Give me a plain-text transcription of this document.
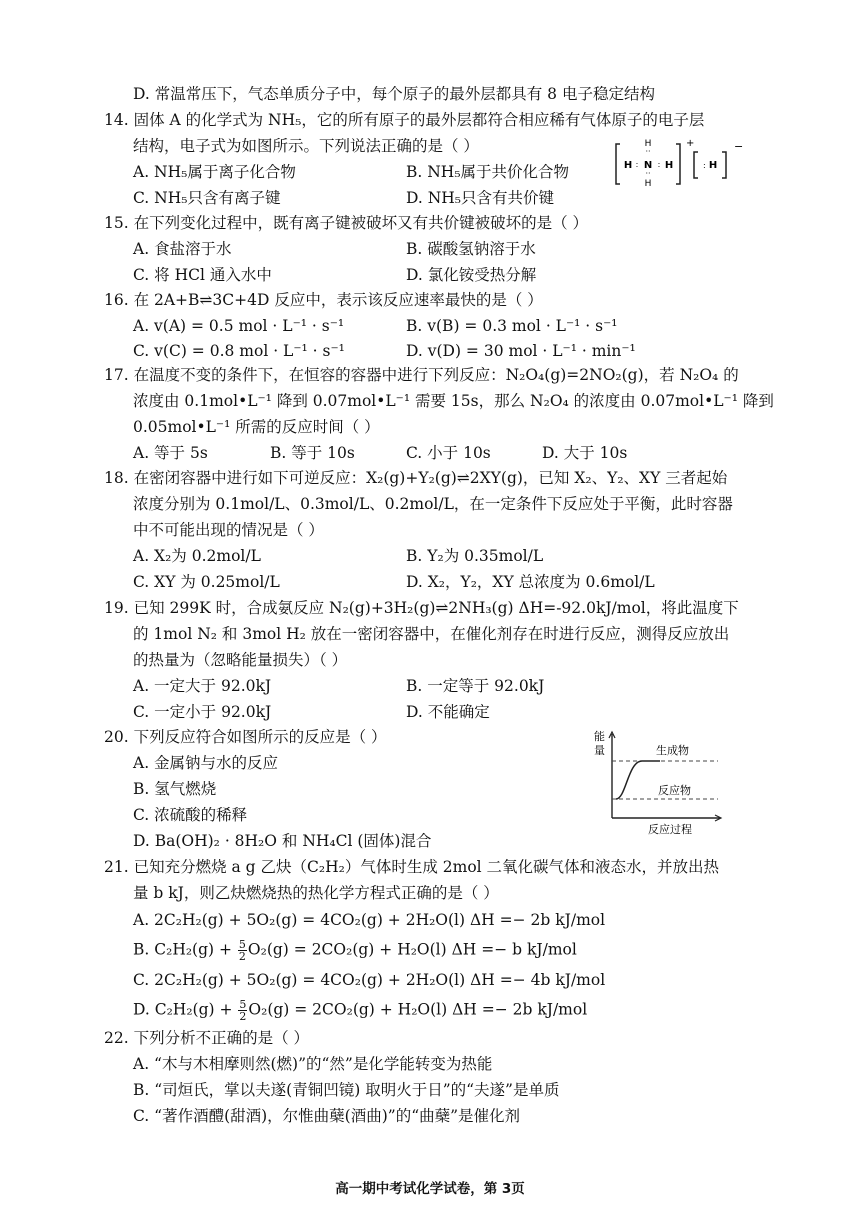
D. 常温常压下，气态单质分子中，每个原子的最外层都具有 8 电子稳定结构
14. 固体 A 的化学式为 NH₅，它的所有原子的最外层都符合相应稀有气体原子的电子层
结构，电子式为如图所示。下列说法正确的是（ ）
A. NH₅属于离子化合物	B. NH₅属于共价化合物
C. NH₅只含有离子键	D. NH₅只含有共价键
H
··
H : N : H
··
H
+
: H
−
15. 在下列变化过程中，既有离子键被破坏又有共价键被破坏的是（ ）
A. 食盐溶于水	B. 碳酸氢钠溶于水
C. 将 HCl 通入水中	D. 氯化铵受热分解
16. 在 2A+B⇌3C+4D 反应中，表示该反应速率最快的是（ ）
A. v(A) = 0.5 mol · L⁻¹ · s⁻¹	B. v(B) = 0.3 mol · L⁻¹ · s⁻¹
C. v(C) = 0.8 mol · L⁻¹ · s⁻¹	D. v(D) = 30 mol · L⁻¹ · min⁻¹
17. 在温度不变的条件下，在恒容的容器中进行下列反应：N₂O₄(g)=2NO₂(g)，若 N₂O₄ 的
浓度由 0.1mol•L⁻¹ 降到 0.07mol•L⁻¹ 需要 15s，那么 N₂O₄ 的浓度由 0.07mol•L⁻¹ 降到
0.05mol•L⁻¹ 所需的反应时间（ ）
A. 等于 5s	B. 等于 10s	C. 小于 10s	D. 大于 10s
18. 在密闭容器中进行如下可逆反应：X₂(g)+Y₂(g)⇌2XY(g)，已知 X₂、Y₂、XY 三者起始
浓度分别为 0.1mol/L、0.3mol/L、0.2mol/L，在一定条件下反应处于平衡，此时容器
中不可能出现的情况是（ ）
A. X₂为 0.2mol/L	B. Y₂为 0.35mol/L
C. XY 为 0.25mol/L	D. X₂，Y₂，XY 总浓度为 0.6mol/L
19. 已知 299K 时，合成氨反应 N₂(g)+3H₂(g)⇌2NH₃(g) ΔH=-92.0kJ/mol，将此温度下
的 1mol N₂ 和 3mol H₂ 放在一密闭容器中，在催化剂存在时进行反应，测得反应放出
的热量为（忽略能量损失）（ ）
A. 一定大于 92.0kJ	B. 一定等于 92.0kJ
C. 一定小于 92.0kJ	D. 不能确定
20. 下列反应符合如图所示的反应是（ ）
A. 金属钠与水的反应
B. 氢气燃烧
C. 浓硫酸的稀释
D. Ba(OH)₂ · 8H₂O 和 NH₄Cl (固体)混合
能
量	生成物
反应物
反应过程
21. 已知充分燃烧 a g 乙炔（C₂H₂）气体时生成 2mol 二氧化碳气体和液态水，并放出热
量 b kJ，则乙炔燃烧热的热化学方程式正确的是（ ）
A. 2C₂H₂(g) + 5O₂(g) = 4CO₂(g) + 2H₂O(l) ΔH =− 2b kJ/mol
B. $C_2H_2(g) + \frac{5}{2} O_2(g) = 2CO_2(g) + H_2O(l) \Delta H =- b$ kJ/mol
C. 2C₂H₂(g) + 5O₂(g) = 4CO₂(g) + 2H₂O(l) ΔH =− 4b kJ/mol
D. $C_2H_2(g) + \frac{5}{2} O_2(g) = 2CO_2(g) + H_2O(l) \Delta H =- 2b$ kJ/mol
22. 下列分析不正确的是（ ）
A. “木与木相摩则然(燃)”的“然”是化学能转变为热能
B. “司烜氏，掌以夫遂(青铜凹镜) 取明火于日”的“夫遂”是单质
C. “著作酒醴(甜酒)，尔惟曲蘖(酒曲)”的“曲蘖”是催化剂
高一期中考试化学试卷，第 3页
